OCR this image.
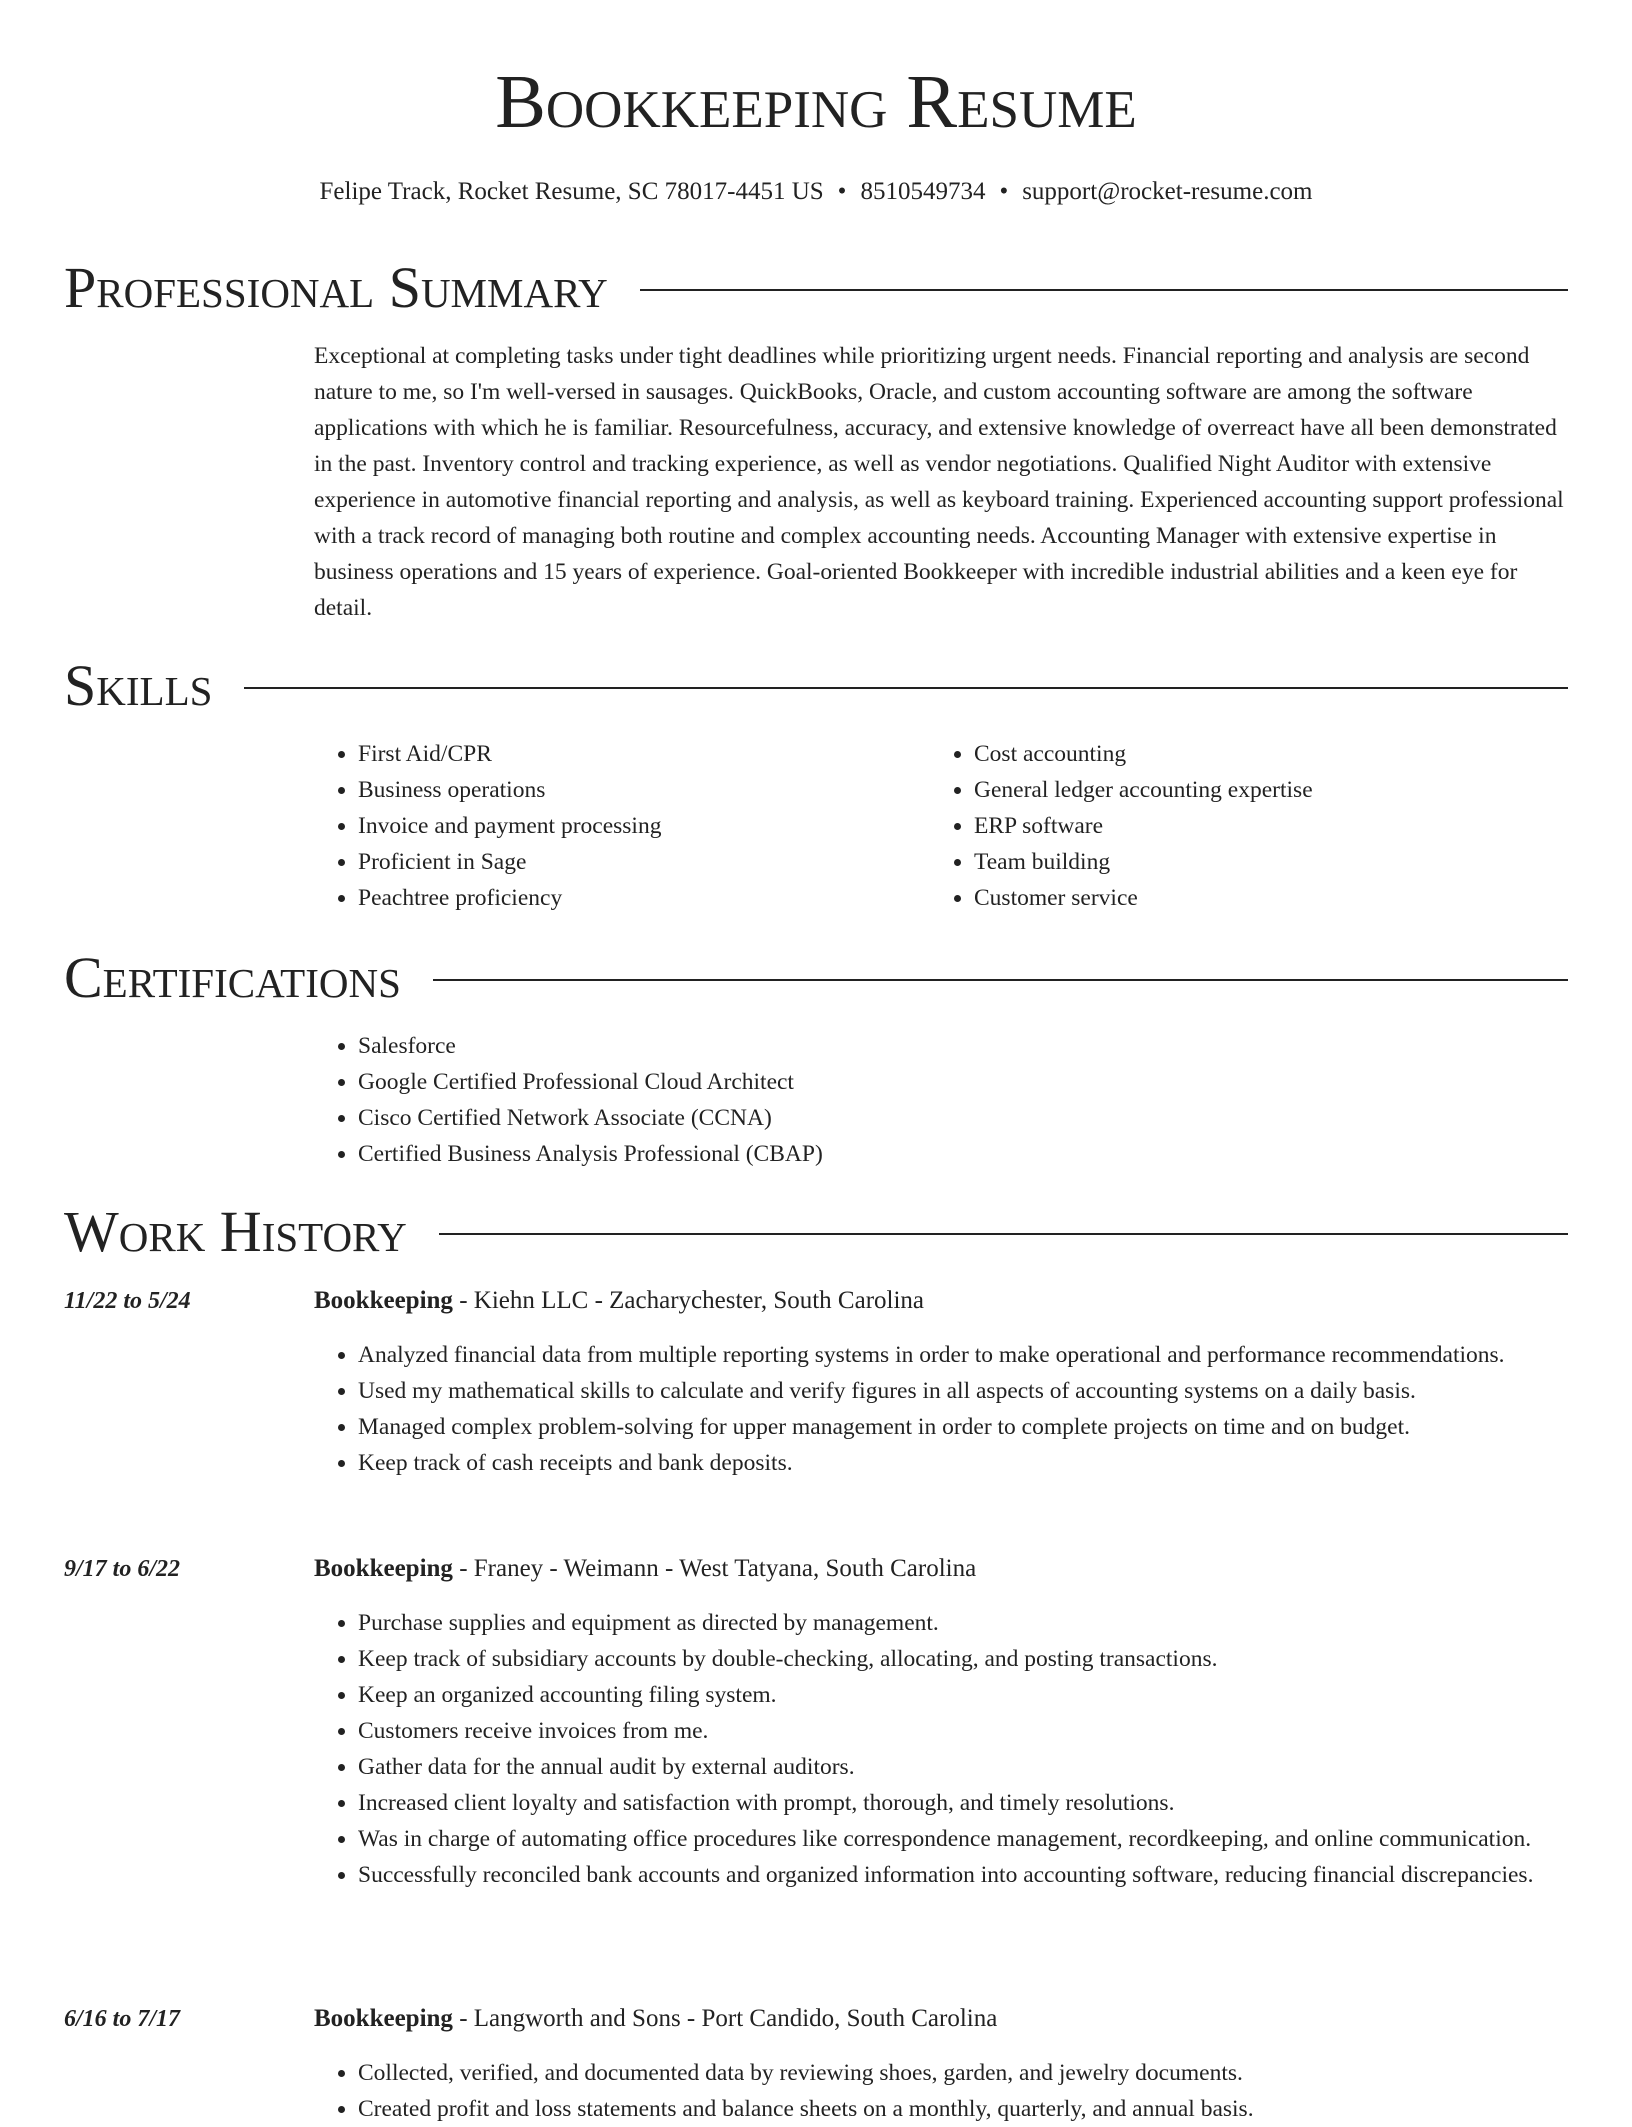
Bookkeeping Resume
Felipe Track, Rocket Resume, SC 78017-4451 US • 8510549734 • support@rocket-resume.com
Professional Summary

Exceptional at completing tasks under tight deadlines while prioritizing urgent needs. Financial reporting and analysis are second nature to me, so I'm well-versed in sausages. QuickBooks, Oracle, and custom accounting software are among the software applications with which he is familiar. Resourcefulness, accuracy, and extensive knowledge of overreact have all been demonstrated in the past. Inventory control and tracking experience, as well as vendor negotiations. Qualified Night Auditor with extensive experience in automotive financial reporting and analysis, as well as keyboard training. Experienced accounting support professional with a track record of managing both routine and complex accounting needs. Accounting Manager with extensive expertise in business operations and 15 years of experience. Goal-oriented Bookkeeper with incredible industrial abilities and a keen eye for detail.

Skills
• First Aid/CPR
• Business operations
• Invoice and payment processing
• Proficient in Sage
• Peachtree proficiency
• Cost accounting
• General ledger accounting expertise
• ERP software
• Team building
• Customer service
Certifications
• Salesforce
• Google Certified Professional Cloud Architect
• Cisco Certified Network Associate (CCNA)
• Certified Business Analysis Professional (CBAP)
Work History
11/22 to 5/24	Bookkeeping - Kiehn LLC - Zacharychester, South Carolina
• Analyzed financial data from multiple reporting systems in order to make operational and performance recommendations.
• Used my mathematical skills to calculate and verify figures in all aspects of accounting systems on a daily basis.
• Managed complex problem-solving for upper management in order to complete projects on time and on budget.
• Keep track of cash receipts and bank deposits.
9/17 to 6/22	Bookkeeping - Franey - Weimann - West Tatyana, South Carolina
• Purchase supplies and equipment as directed by management.
• Keep track of subsidiary accounts by double-checking, allocating, and posting transactions.
• Keep an organized accounting filing system.
• Customers receive invoices from me.
• Gather data for the annual audit by external auditors.
• Increased client loyalty and satisfaction with prompt, thorough, and timely resolutions.
• Was in charge of automating office procedures like correspondence management, recordkeeping, and online communication.
• Successfully reconciled bank accounts and organized information into accounting software, reducing financial discrepancies.
6/16 to 7/17	Bookkeeping - Langworth and Sons - Port Candido, South Carolina
• Collected, verified, and documented data by reviewing shoes, garden, and jewelry documents.
• Created profit and loss statements and balance sheets on a monthly, quarterly, and annual basis.
